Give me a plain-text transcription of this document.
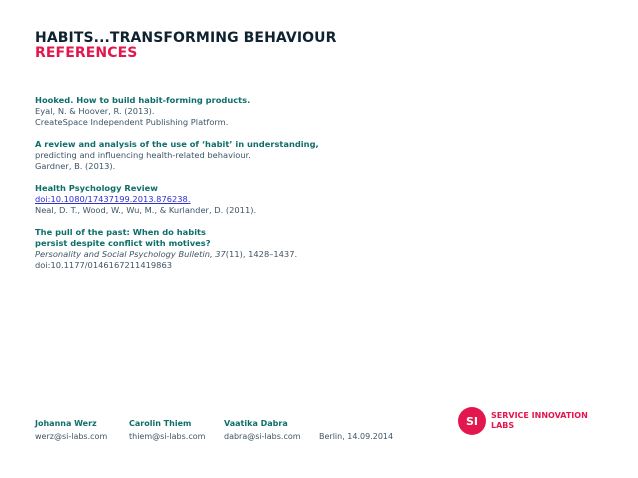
HABITS...TRANSFORMING BEHAVIOUR
REFERENCES
Hooked. How to build habit-forming products.
Eyal, N. & Hoover, R. (2013).
CreateSpace Independent Publishing Platform.
A review and analysis of the use of ‘habit’ in understanding,
predicting and influencing health-related behaviour.
Gardner, B. (2013).
Health Psychology Review
doi:10.1080/17437199.2013.876238.
Neal, D. T., Wood, W., Wu, M., & Kurlander, D. (2011).
The pull of the past: When do habits
persist despite conflict with motives?
Personality and Social Psychology Bulletin, 37(11), 1428–1437.
doi:10.1177/0146167211419863
Johanna Werz
werz@si-labs.com
Carolin Thiem
thiem@si-labs.com
Vaatika Dabra
dabra@si-labs.com Berlin, 14.09.2014
SI	SERVICE INNOVATION
LABS
